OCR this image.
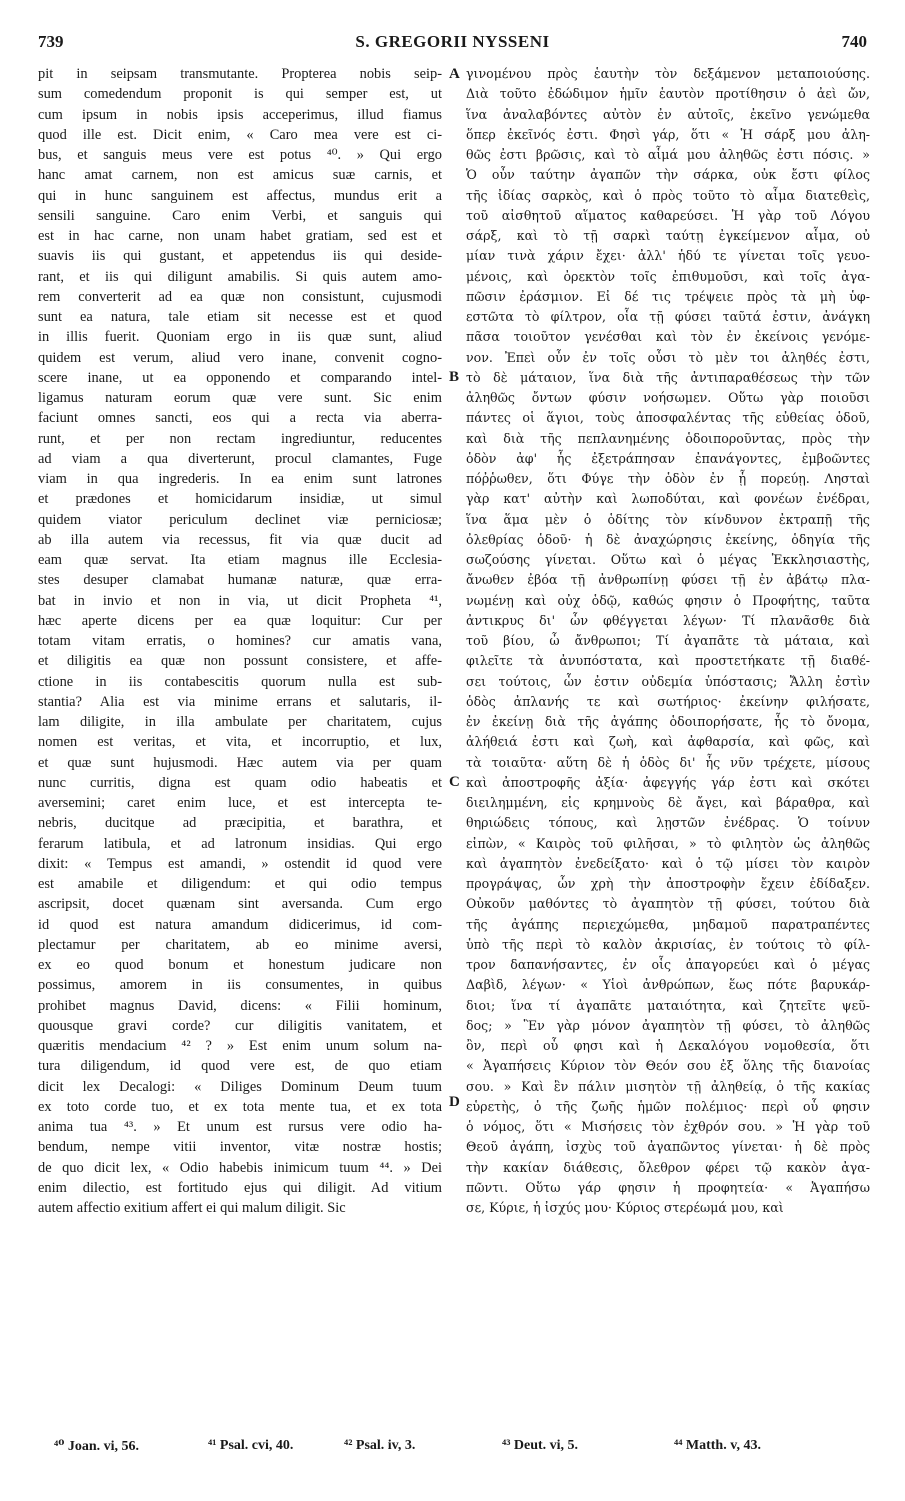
S. GREGORII NYSSENI
739	740
pit in seipsam transmutante. Propterea nobis seip-
sum comedendum proponit is qui semper est, ut
cum ipsum in nobis ipsis acceperimus, illud fiamus
quod ille est. Dicit enim, « Caro mea vere est ci-
bus, et sanguis meus vere est potus ⁴⁰. » Qui ergo
hanc amat carnem, non est amicus suæ carnis, et
qui in hunc sanguinem est affectus, mundus erit a
sensili sanguine. Caro enim Verbi, et sanguis qui
est in hac carne, non unam habet gratiam, sed est et
suavis iis qui gustant, et appetendus iis qui deside-
rant, et iis qui diligunt amabilis. Si quis autem amo-
rem converterit ad ea quæ non consistunt, cujusmodi
sunt ea natura, tale etiam sit necesse est et quod
in illis fuerit. Quoniam ergo in iis quæ sunt, aliud
quidem est verum, aliud vero inane, convenit cogno-
scere inane, ut ea opponendo et comparando intel-
ligamus naturam eorum quæ vere sunt. Sic enim
faciunt omnes sancti, eos qui a recta via aberra-
runt, et per non rectam ingrediuntur, reducentes
ad viam a qua diverterunt, procul clamantes, Fuge
viam in qua ingrederis. In ea enim sunt latrones
et prædones et homicidarum insidiæ, ut simul
quidem viator periculum declinet viæ perniciosæ;
ab illa autem via recessus, fit via quæ ducit ad
eam quæ servat. Ita etiam magnus ille Ecclesia-
stes desuper clamabat humanæ naturæ, quæ erra-
bat in invio et non in via, ut dicit Propheta ⁴¹,
hæc aperte dicens per ea quæ loquitur: Cur per
totam vitam erratis, o homines? cur amatis vana,
et diligitis ea quæ non possunt consistere, et affe-
ctione in iis contabescitis quorum nulla est sub-
stantia? Alia est via minime errans et salutaris, il-
lam diligite, in illa ambulate per charitatem, cujus
nomen est veritas, et vita, et incorruptio, et lux,
et quæ sunt hujusmodi. Hæc autem via per quam
nunc curritis, digna est quam odio habeatis et
aversemini; caret enim luce, et est intercepta te-
nebris, ducitque ad præcipitia, et barathra, et
ferarum latibula, et ad latronum insidias. Qui ergo
dixit: « Tempus est amandi, » ostendit id quod vere
est amabile et diligendum: et qui odio tempus
ascripsit, docet quænam sint aversanda. Cum ergo
id quod est natura amandum didicerimus, id com-
plectamur per charitatem, ab eo minime aversi,
ex eo quod bonum et honestum judicare non
possimus, amorem in iis consumentes, in quibus
prohibet magnus David, dicens: « Filii hominum,
quousque gravi corde? cur diligitis vanitatem, et
quæritis mendacium ⁴² ? » Est enim unum solum na-
tura diligendum, id quod vere est, de quo etiam
dicit lex Decalogi: « Diliges Dominum Deum tuum
ex toto corde tuo, et ex tota mente tua, et ex tota
anima tua ⁴³. » Et unum est rursus vere odio ha-
bendum, nempe vitii inventor, vitæ nostræ hostis;
de quo dicit lex, « Odio habebis inimicum tuum ⁴⁴. » Dei
enim dilectio, est fortitudo ejus qui diligit. Ad vitium
autem affectio exitium affert ei qui malum diligit. Sic
γινομένου πρὸς ἑαυτὴν τὸν δεξάμενον μεταποιούσης.
Διὰ τοῦτο ἐδώδιμον ἡμῖν ἑαυτὸν προτίθησιν ὁ ἀεὶ ὤν,
ἵνα ἀναλαβόντες αὐτὸν ἐν αὐτοῖς, ἐκεῖνο γενώμεθα
ὅπερ ἐκεῖνός ἐστι. Φησὶ γάρ, ὅτι « Ἡ σάρξ μου ἀλη-
θῶς ἐστι βρῶσις, καὶ τὸ αἷμά μου ἀληθῶς ἐστι πόσις. »
Ὁ οὖν ταύτην ἀγαπῶν τὴν σάρκα, οὐκ ἔστι φίλος
τῆς ἰδίας σαρκὸς, καὶ ὁ πρὸς τοῦτο τὸ αἷμα διατεθεὶς,
τοῦ αἰσθητοῦ αἵματος καθαρεύσει. Ἡ γὰρ τοῦ Λόγου
σάρξ, καὶ τὸ τῇ σαρκὶ ταύτῃ ἐγκείμενον αἷμα, οὐ
μίαν τινὰ χάριν ἔχει· ἀλλ' ἡδύ τε γίνεται τοῖς γευο-
μένοις, καὶ ὀρεκτὸν τοῖς ἐπιθυμοῦσι, καὶ τοῖς ἀγα-
πῶσιν ἐράσμιον. Εἰ δέ τις τρέψειε πρὸς τὰ μὴ ὑφ-
εστῶτα τὸ φίλτρον, οἷα τῇ φύσει ταῦτά ἐστιν, ἀνάγκη
πᾶσα τοιοῦτον γενέσθαι καὶ τὸν ἐν ἐκείνοις γενόμε-
νον. Ἐπεὶ οὖν ἐν τοῖς οὖσι τὸ μὲν τοι ἀληθές ἐστι,
τὸ δὲ μάταιον, ἵνα διὰ τῆς ἀντιπαραθέσεως τὴν τῶν
ἀληθῶς ὄντων φύσιν νοήσωμεν. Οὕτω γὰρ ποιοῦσι
πάντες οἱ ἅγιοι, τοὺς ἀποσφαλέντας τῆς εὐθείας ὁδοῦ,
καὶ διὰ τῆς πεπλανημένης ὁδοιποροῦντας, πρὸς τὴν
ὁδὸν ἀφ' ἧς ἐξετράπησαν ἐπανάγοντες, ἐμβοῶντες
πόῤῥωθεν, ὅτι Φύγε τὴν ὁδὸν ἐν ᾗ πορεύῃ. Λησταὶ
γὰρ κατ' αὐτὴν καὶ λωποδύται, καὶ φονέων ἐνέδραι,
ἵνα ἅμα μὲν ὁ ὁδίτης τὸν κίνδυνον ἐκτραπῇ τῆς
ὀλεθρίας ὁδοῦ· ἡ δὲ ἀναχώρησις ἐκείνης, ὁδηγία τῆς
σωζούσης γίνεται. Οὕτω καὶ ὁ μέγας Ἐκκλησιαστὴς,
ἄνωθεν ἐβόα τῇ ἀνθρωπίνῃ φύσει τῇ ἐν ἀβάτῳ πλα-
νωμένῃ καὶ οὐχ ὁδῷ, καθώς φησιν ὁ Προφήτης, ταῦτα
ἀντικρυς δι' ὧν φθέγγεται λέγων· Τί πλανᾶσθε διὰ
τοῦ βίου, ὦ ἄνθρωποι; Τί ἀγαπᾶτε τὰ μάταια, καὶ
φιλεῖτε τὰ ἀνυπόστατα, καὶ προστετήκατε τῇ διαθέ-
σει τούτοις, ὧν ἐστιν οὐδεμία ὑπόστασις; Ἄλλη ἐστὶν
ὁδὸς ἀπλανής τε καὶ σωτήριος· ἐκείνην φιλήσατε,
ἐν ἐκείνῃ διὰ τῆς ἀγάπης ὁδοιπορήσατε, ἧς τὸ ὄνομα,
ἀλήθειά ἐστι καὶ ζωὴ, καὶ ἀφθαρσία, καὶ φῶς, καὶ
τὰ τοιαῦτα· αὕτη δὲ ἡ ὁδὸς δι' ἧς νῦν τρέχετε, μίσους
καὶ ἀποστροφῆς ἀξία· ἀφεγγής γάρ ἐστι καὶ σκότει
διειλημμένη, εἰς κρημνοὺς δὲ ἄγει, καὶ βάραθρα, καὶ
θηριώδεις τόπους, καὶ λῃστῶν ἐνέδρας. Ὁ τοίνυν
εἰπὼν, « Καιρὸς τοῦ φιλῆσαι, » τὸ φιλητὸν ὡς ἀληθῶς
καὶ ἀγαπητὸν ἐνεδείξατο· καὶ ὁ τῷ μίσει τὸν καιρὸν
προγράψας, ὧν χρὴ τὴν ἀποστροφὴν ἔχειν ἐδίδαξεν.
Οὐκοῦν μαθόντες τὸ ἀγαπητὸν τῇ φύσει, τούτου διὰ
τῆς ἀγάπης περιεχώμεθα, μηδαμοῦ παρατραπέντες
ὑπὸ τῆς περὶ τὸ καλὸν ἀκρισίας, ἐν τούτοις τὸ φίλ-
τρον δαπανήσαντες, ἐν οἷς ἀπαγορεύει καὶ ὁ μέγας
Δαβὶδ, λέγων· « Υἱοὶ ἀνθρώπων, ἕως πότε βαρυκάρ-
διοι; ἵνα τί ἀγαπᾶτε ματαιότητα, καὶ ζητεῖτε ψεῦ-
δος; » Ἓν γὰρ μόνον ἀγαπητὸν τῇ φύσει, τὸ ἀληθῶς
ὂν, περὶ οὗ φησι καὶ ἡ Δεκαλόγου νομοθεσία, ὅτι
« Ἀγαπήσεις Κύριον τὸν Θεόν σου ἐξ ὅλης τῆς διανοίας
σου. » Καὶ ἓν πάλιν μισητὸν τῇ ἀληθείᾳ, ὁ τῆς κακίας
εὑρετὴς, ὁ τῆς ζωῆς ἡμῶν πολέμιος· περὶ οὗ φησιν
ὁ νόμος, ὅτι « Μισήσεις τὸν ἐχθρόν σου. » Ἡ γὰρ τοῦ
Θεοῦ ἀγάπη, ἰσχὺς τοῦ ἀγαπῶντος γίνεται· ἡ δὲ πρὸς
τὴν κακίαν διάθεσις, ὄλεθρον φέρει τῷ κακὸν ἀγα-
πῶντι. Οὕτω γάρ φησιν ἡ προφητεία· « Ἀγαπήσω
σε, Κύριε, ἡ ἰσχύς μου· Κύριος στερέωμά μου, καὶ
A
B
C
D
⁴⁰ Joan. vi, 56.	⁴¹ Psal. cvi, 40.	⁴² Psal. iv, 3.	⁴³ Deut. vi, 5.	⁴⁴ Matth. v, 43.
